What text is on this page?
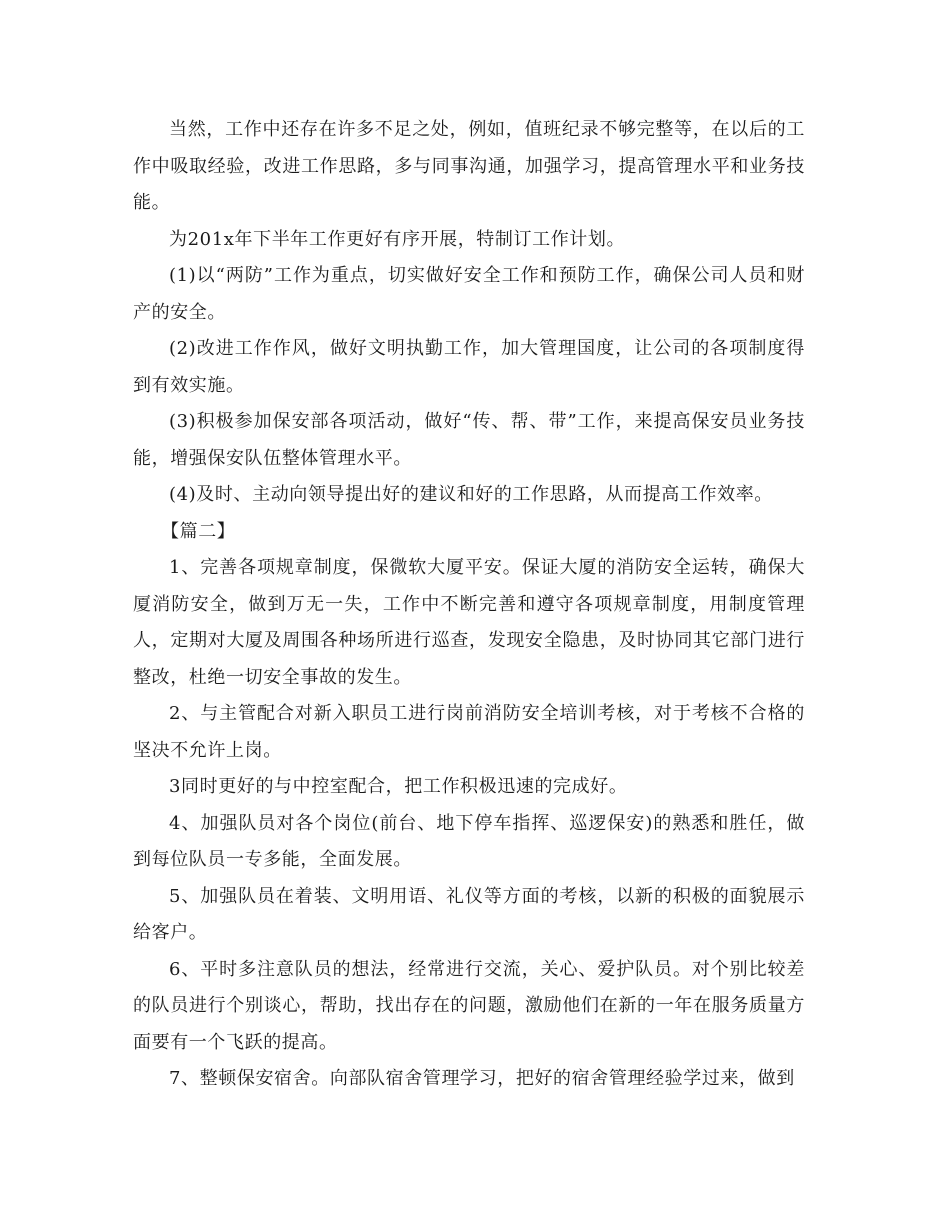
当然，工作中还存在许多不足之处，例如，值班纪录不够完整等，在以后的工作中吸取经验，改进工作思路，多与同事沟通，加强学习，提高管理水平和业务技能。

为201x年下半年工作更好有序开展，特制订工作计划。

(1)以“两防”工作为重点，切实做好安全工作和预防工作，确保公司人员和财产的安全。

(2)改进工作作风，做好文明执勤工作，加大管理国度，让公司的各项制度得到有效实施。

(3)积极参加保安部各项活动，做好“传、帮、带”工作，来提高保安员业务技能，增强保安队伍整体管理水平。

(4)及时、主动向领导提出好的建议和好的工作思路，从而提高工作效率。

【篇二】

1、完善各项规章制度，保微软大厦平安。保证大厦的消防安全运转，确保大厦消防安全，做到万无一失，工作中不断完善和遵守各项规章制度，用制度管理人，定期对大厦及周围各种场所进行巡查，发现安全隐患，及时协同其它部门进行整改，杜绝一切安全事故的发生。

2、与主管配合对新入职员工进行岗前消防安全培训考核，对于考核不合格的坚决不允许上岗。

3同时更好的与中控室配合，把工作积极迅速的完成好。

4、加强队员对各个岗位(前台、地下停车指挥、巡逻保安)的熟悉和胜任，做到每位队员一专多能，全面发展。

5、加强队员在着装、文明用语、礼仪等方面的考核，以新的积极的面貌展示给客户。

6、平时多注意队员的想法，经常进行交流，关心、爱护队员。对个别比较差的队员进行个别谈心，帮助，找出存在的问题，激励他们在新的一年在服务质量方面要有一个飞跃的提高。

7、整顿保安宿舍。向部队宿舍管理学习，把好的宿舍管理经验学过来，做到
